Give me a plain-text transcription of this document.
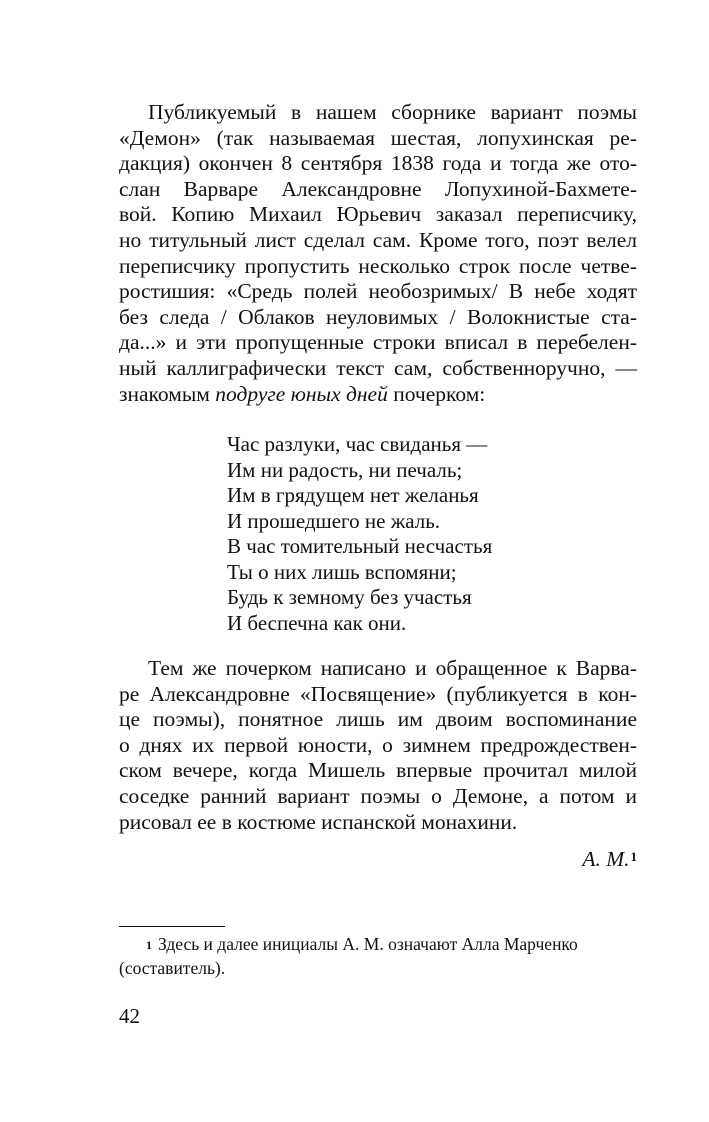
Публикуемый в нашем сборнике вариант поэмы
«Демон» (так называемая шестая, лопухинская ре-
дакция) окончен 8 сентября 1838 года и тогда же ото-
слан Варваре Александровне Лопухиной-Бахмете-
вой. Копию Михаил Юрьевич заказал переписчику,
но титульный лист сделал сам. Кроме того, поэт велел
переписчику пропустить несколько строк после четве-
ростишия: «Средь полей необозримых/ В небе ходят
без следа / Облаков неуловимых / Волокнистые ста-
да...» и эти пропущенные строки вписал в перебелен-
ный каллиграфически текст сам, собственноручно, —
знакомым подруге юных дней почерком:
Час разлуки, час свиданья —
Им ни радость, ни печаль;
Им в грядущем нет желанья
И прошедшего не жаль.
В час томительный несчастья
Ты о них лишь вспомяни;
Будь к земному без участья
И беспечна как они.
Тем же почерком написано и обращенное к Варва-
ре Александровне «Посвящение» (публикуется в кон-
це поэмы), понятное лишь им двоим воспоминание
о днях их первой юности, о зимнем предрождествен-
ском вечере, когда Мишель впервые прочитал милой
соседке ранний вариант поэмы о Демоне, а потом и
рисовал ее в костюме испанской монахини.
А. М.$^1$
$^1$ Здесь и далее инициалы А. М. означают Алла Марченко
(составитель).
42
